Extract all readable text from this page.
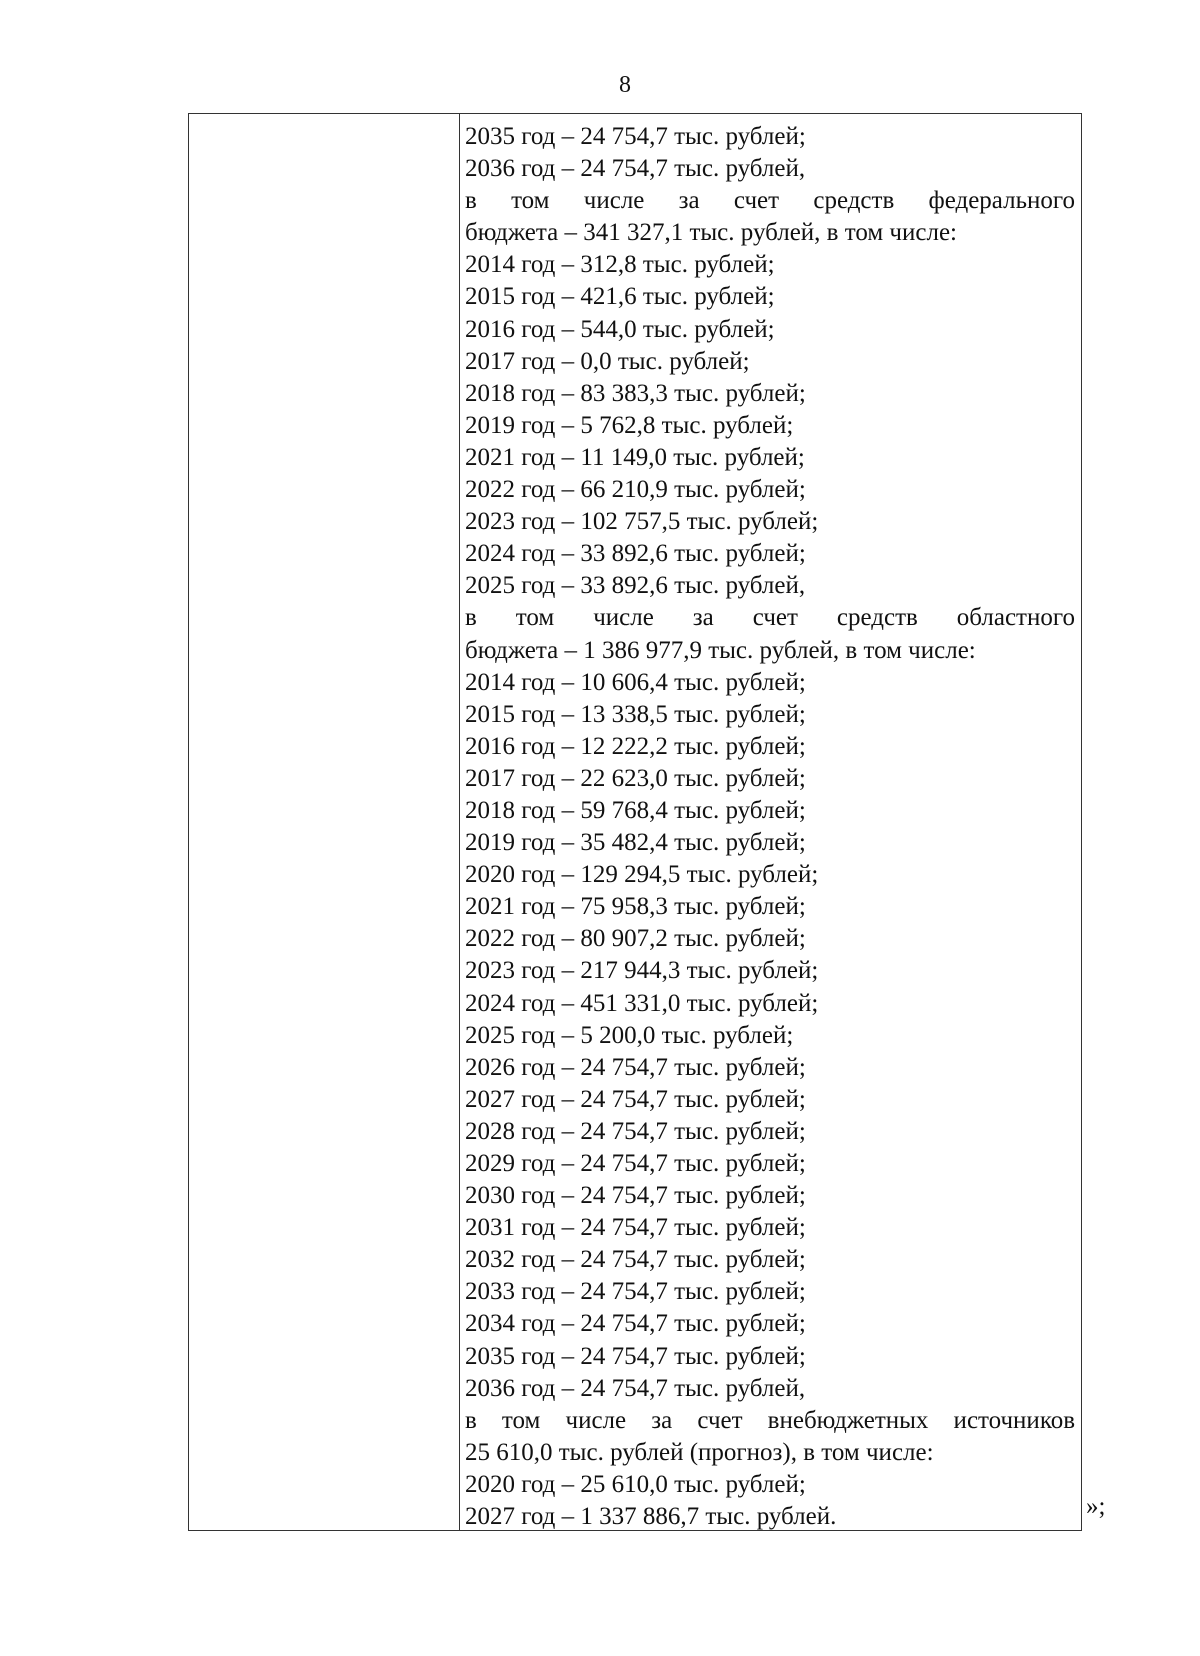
8
2035 год – 24 754,7 тыс. рублей;
2036 год – 24 754,7 тыс. рублей,
в том числе за счет средств федерального
бюджета – 341 327,1 тыс. рублей, в том числе:
2014 год – 312,8 тыс. рублей;
2015 год – 421,6 тыс. рублей;
2016 год – 544,0 тыс. рублей;
2017 год – 0,0 тыс. рублей;
2018 год – 83 383,3 тыс. рублей;
2019 год – 5 762,8 тыс. рублей;
2021 год – 11 149,0 тыс. рублей;
2022 год – 66 210,9 тыс. рублей;
2023 год – 102 757,5 тыс. рублей;
2024 год – 33 892,6 тыс. рублей;
2025 год – 33 892,6 тыс. рублей,
в том числе за счет средств областного
бюджета – 1 386 977,9 тыс. рублей, в том числе:
2014 год – 10 606,4 тыс. рублей;
2015 год – 13 338,5 тыс. рублей;
2016 год – 12 222,2 тыс. рублей;
2017 год – 22 623,0 тыс. рублей;
2018 год – 59 768,4 тыс. рублей;
2019 год – 35 482,4 тыс. рублей;
2020 год – 129 294,5 тыс. рублей;
2021 год – 75 958,3 тыс. рублей;
2022 год – 80 907,2 тыс. рублей;
2023 год – 217 944,3 тыс. рублей;
2024 год – 451 331,0 тыс. рублей;
2025 год – 5 200,0 тыс. рублей;
2026 год – 24 754,7 тыс. рублей;
2027 год – 24 754,7 тыс. рублей;
2028 год – 24 754,7 тыс. рублей;
2029 год – 24 754,7 тыс. рублей;
2030 год – 24 754,7 тыс. рублей;
2031 год – 24 754,7 тыс. рублей;
2032 год – 24 754,7 тыс. рублей;
2033 год – 24 754,7 тыс. рублей;
2034 год – 24 754,7 тыс. рублей;
2035 год – 24 754,7 тыс. рублей;
2036 год – 24 754,7 тыс. рублей,
в том числе за счет внебюджетных источников
25 610,0 тыс. рублей (прогноз), в том числе:
2020 год – 25 610,0 тыс. рублей;
2027 год – 1 337 886,7 тыс. рублей.	»;
